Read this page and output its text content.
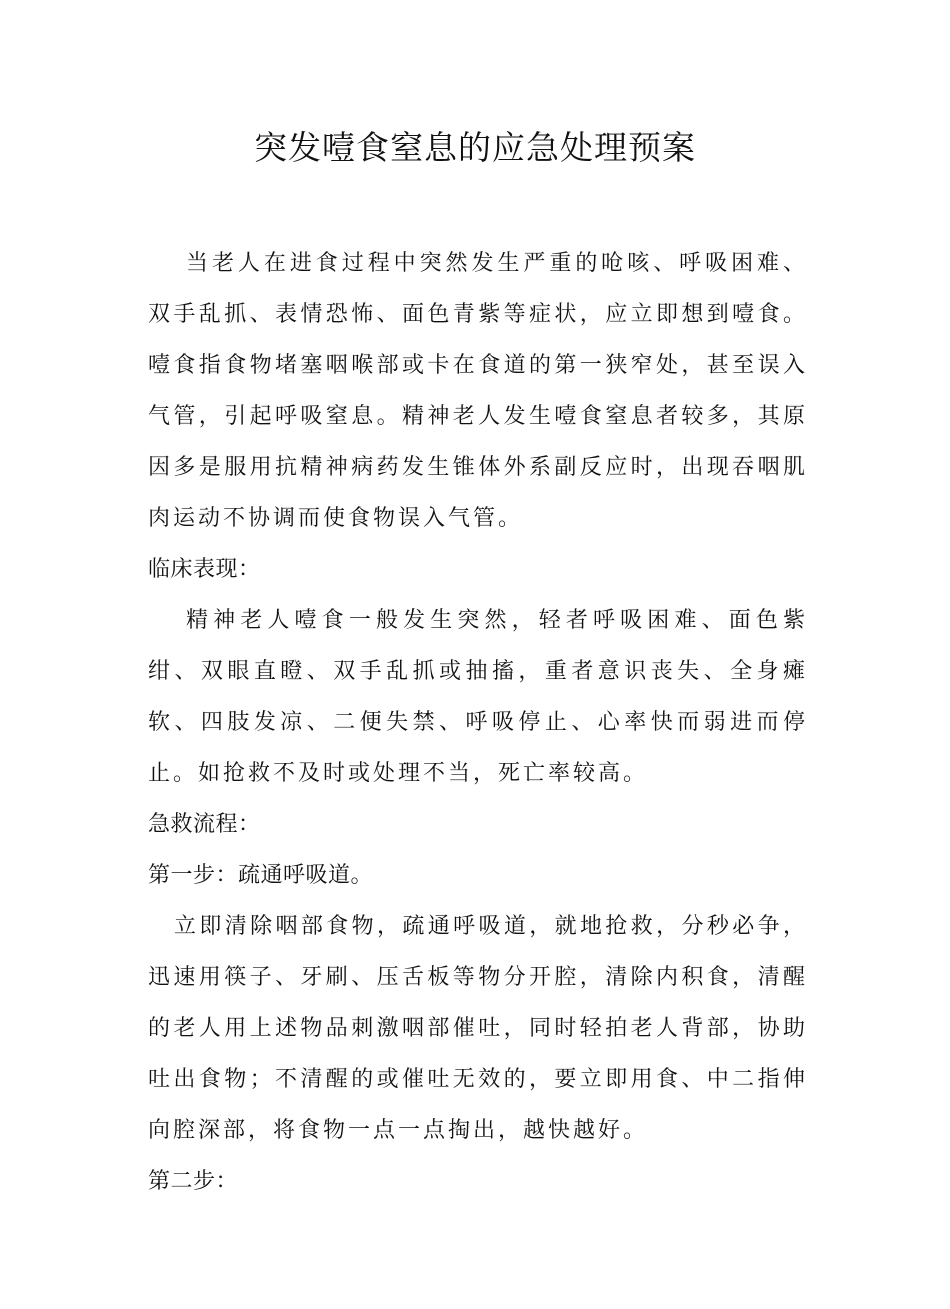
突发噎食窒息的应急处理预案

当老人在进食过程中突然发生严重的呛咳、呼吸困难、双手乱抓、表情恐怖、面色青紫等症状，应立即想到噎食。噎食指食物堵塞咽喉部或卡在食道的第一狭窄处，甚至误入气管，引起呼吸窒息。精神老人发生噎食窒息者较多，其原因多是服用抗精神病药发生锥体外系副反应时，出现吞咽肌肉运动不协调而使食物误入气管。

临床表现：

精神老人噎食一般发生突然，轻者呼吸困难、面色紫绀、双眼直瞪、双手乱抓或抽搐，重者意识丧失、全身瘫软、四肢发凉、二便失禁、呼吸停止、心率快而弱进而停止。如抢救不及时或处理不当，死亡率较高。

急救流程：

第一步：疏通呼吸道。

立即清除咽部食物，疏通呼吸道，就地抢救，分秒必争，迅速用筷子、牙刷、压舌板等物分开腔，清除内积食，清醒的老人用上述物品刺激咽部催吐，同时轻拍老人背部，协助吐出食物；不清醒的或催吐无效的，要立即用食、中二指伸向腔深部，将食物一点一点掏出，越快越好。

第二步：
